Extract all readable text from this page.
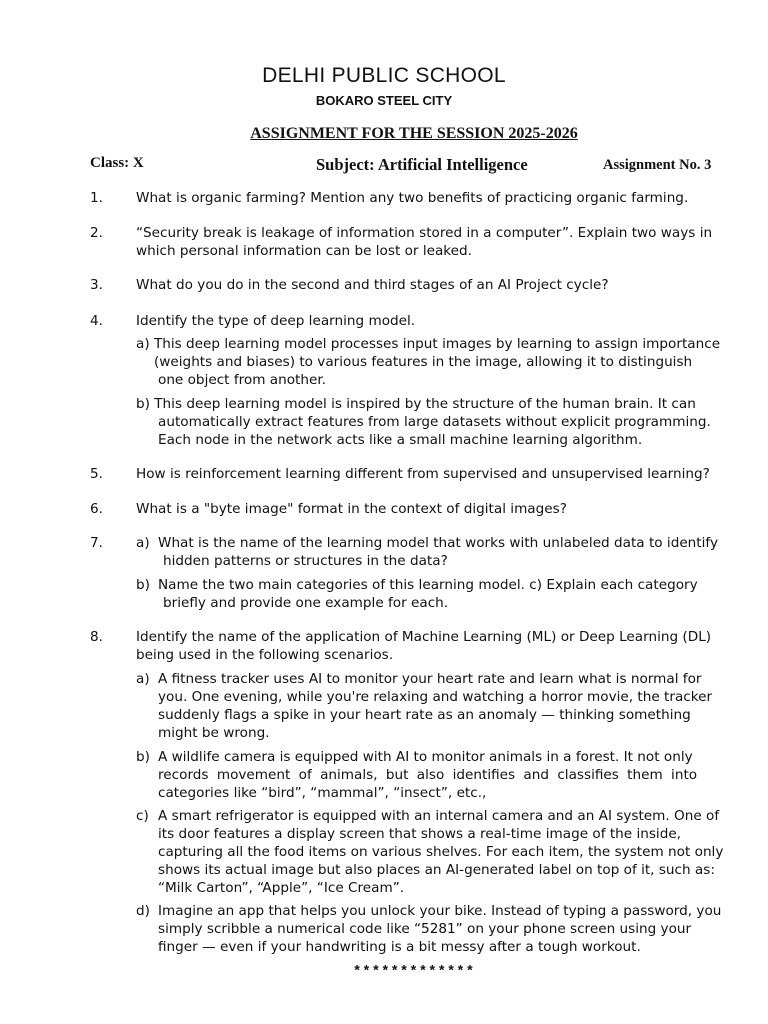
DELHI PUBLIC SCHOOL
BOKARO STEEL CITY
ASSIGNMENT FOR THE SESSION 2025-2026
Class: X	Subject: Artificial Intelligence	Assignment No. 3
1. What is organic farming? Mention any two benefits of practicing organic farming.
2. “Security break is leakage of information stored in a computer”. Explain two ways in
which personal information can be lost or leaked.
3. What do you do in the second and third stages of an AI Project cycle?
4. Identify the type of deep learning model.
a) This deep learning model processes input images by learning to assign importance
(weights and biases) to various features in the image, allowing it to distinguish
one object from another.
b) This deep learning model is inspired by the structure of the human brain. It can
automatically extract features from large datasets without explicit programming.
Each node in the network acts like a small machine learning algorithm.
5. How is reinforcement learning different from supervised and unsupervised learning?
6. What is a "byte image" format in the context of digital images?
7. a) What is the name of the learning model that works with unlabeled data to identify
hidden patterns or structures in the data?
b) Name the two main categories of this learning model. c) Explain each category
briefly and provide one example for each.
8. Identify the name of the application of Machine Learning (ML) or Deep Learning (DL)
being used in the following scenarios.
a) A fitness tracker uses AI to monitor your heart rate and learn what is normal for
you. One evening, while you're relaxing and watching a horror movie, the tracker
suddenly flags a spike in your heart rate as an anomaly — thinking something
might be wrong.
b) A wildlife camera is equipped with AI to monitor animals in a forest. It not only
records movement of animals, but also identifies and classifies them into
categories like “bird”, “mammal”, “insect”, etc.,
c) A smart refrigerator is equipped with an internal camera and an AI system. One of
its door features a display screen that shows a real-time image of the inside,
capturing all the food items on various shelves. For each item, the system not only
shows its actual image but also places an AI-generated label on top of it, such as:
“Milk Carton”, “Apple”, “Ice Cream”.
d) Imagine an app that helps you unlock your bike. Instead of typing a password, you
simply scribble a numerical code like “5281” on your phone screen using your
finger — even if your handwriting is a bit messy after a tough workout.
*************
